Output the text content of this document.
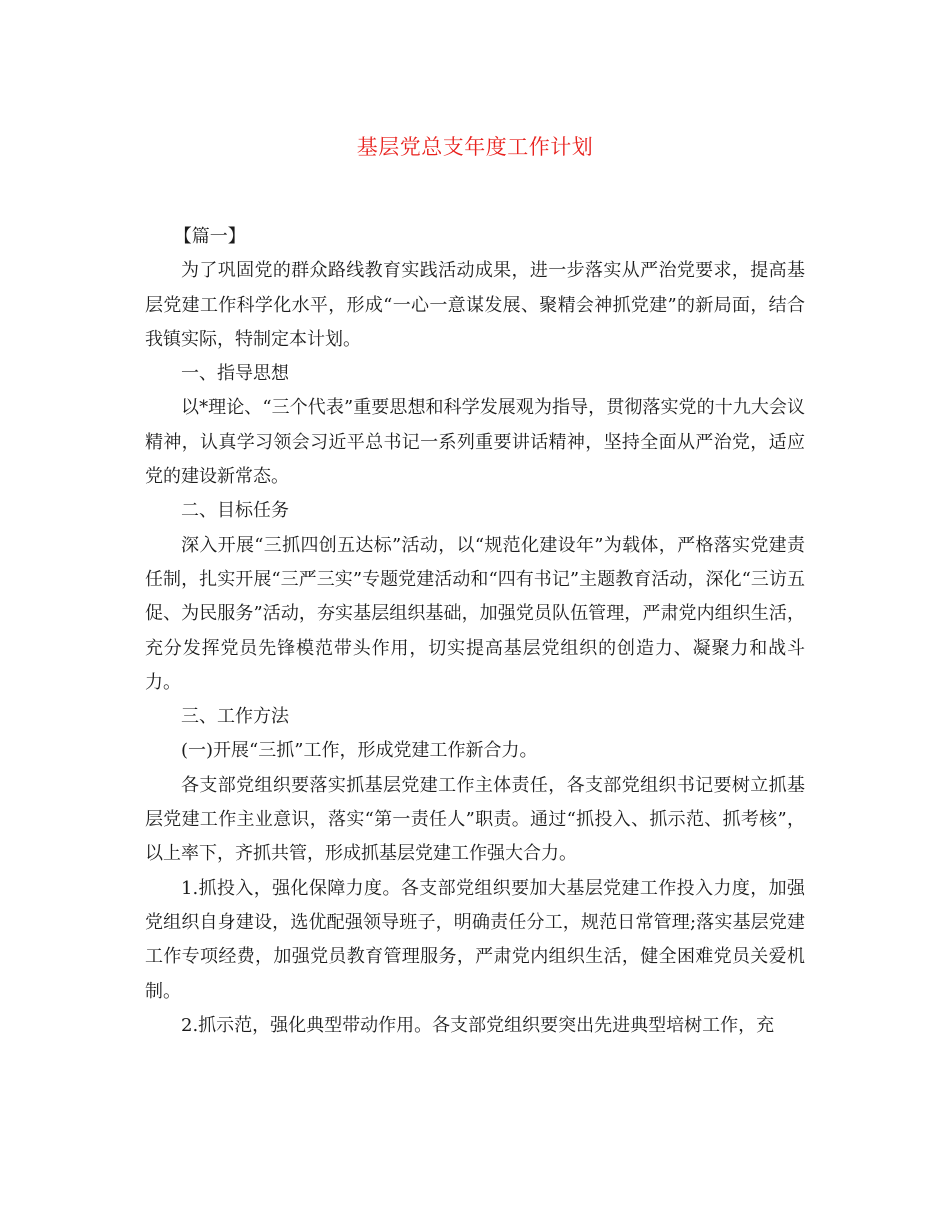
基层党总支年度工作计划

【篇一】

为了巩固党的群众路线教育实践活动成果，进一步落实从严治党要求，提高基层党建工作科学化水平，形成“一心一意谋发展、聚精会神抓党建”的新局面，结合我镇实际，特制定本计划。

一、指导思想

以*理论、“三个代表”重要思想和科学发展观为指导，贯彻落实党的十九大会议精神，认真学习领会习近平总书记一系列重要讲话精神，坚持全面从严治党，适应党的建设新常态。

二、目标任务

深入开展“三抓四创五达标”活动，以“规范化建设年”为载体，严格落实党建责任制，扎实开展“三严三实”专题党建活动和“四有书记”主题教育活动，深化“三访五促、为民服务”活动，夯实基层组织基础，加强党员队伍管理，严肃党内组织生活，充分发挥党员先锋模范带头作用，切实提高基层党组织的创造力、凝聚力和战斗力。

三、工作方法

(一)开展“三抓”工作，形成党建工作新合力。

各支部党组织要落实抓基层党建工作主体责任，各支部党组织书记要树立抓基层党建工作主业意识，落实“第一责任人”职责。通过“抓投入、抓示范、抓考核”，以上率下，齐抓共管，形成抓基层党建工作强大合力。

1.抓投入，强化保障力度。各支部党组织要加大基层党建工作投入力度，加强党组织自身建设，选优配强领导班子，明确责任分工，规范日常管理;落实基层党建工作专项经费，加强党员教育管理服务，严肃党内组织生活，健全困难党员关爱机制。

2.抓示范，强化典型带动作用。各支部党组织要突出先进典型培树工作，充
